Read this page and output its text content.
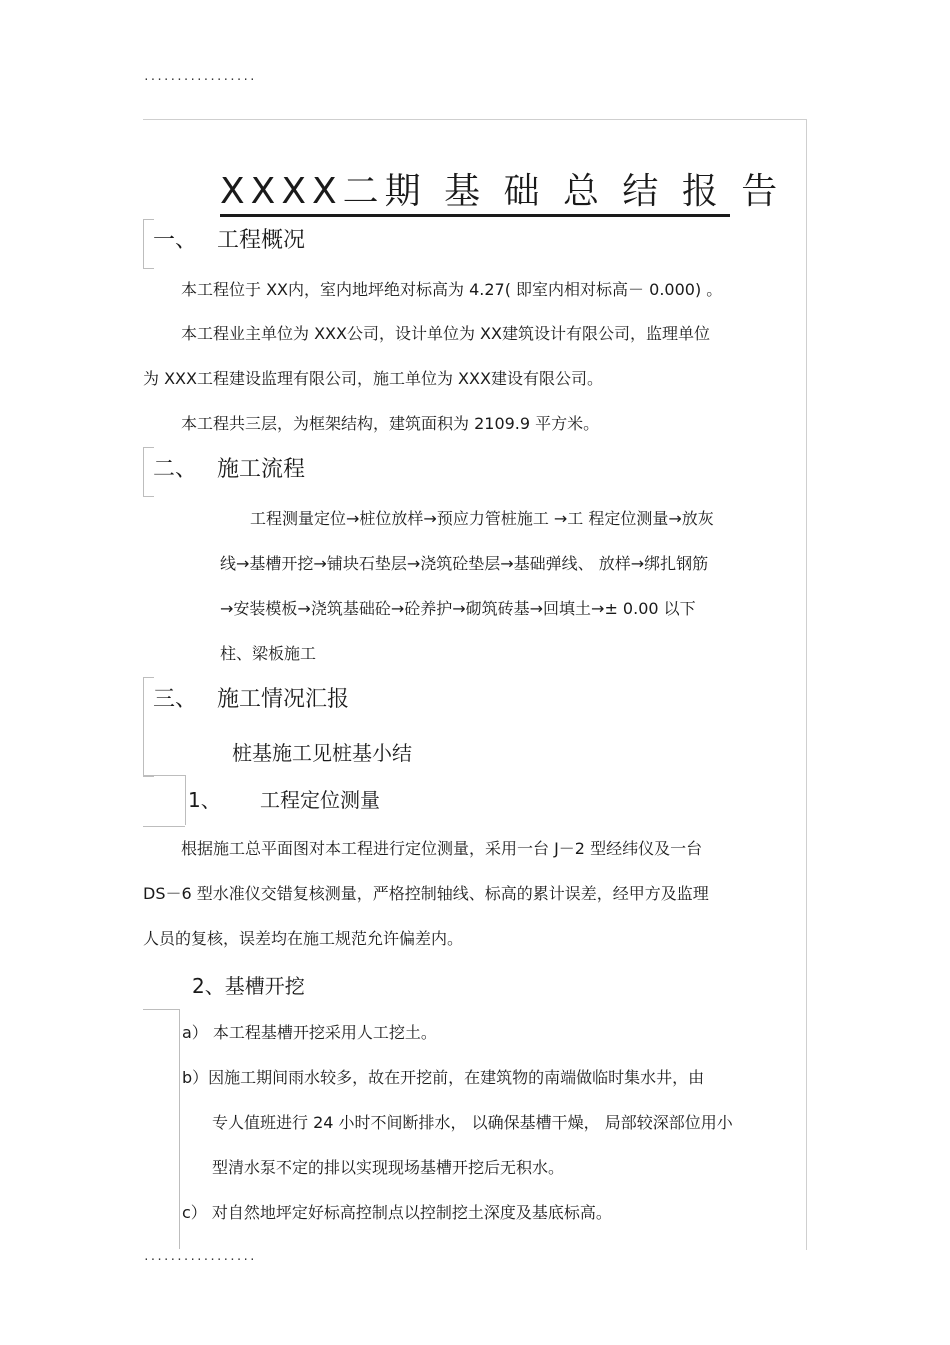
.................
XXXX二期 基 础 总 结 报 告
一、 工程概况
本工程位于 XX内，室内地坪绝对标高为 4.27( 即室内相对标高－ 0.000) 。
本工程业主单位为 XXX公司，设计单位为 XX建筑设计有限公司，监理单位
为 XXX工程建设监理有限公司，施工单位为 XXX建设有限公司。
本工程共三层，为框架结构，建筑面积为 2109.9 平方米。
二、 施工流程
工程测量定位→桩位放样→预应力管桩施工 →工 程定位测量→放灰
线→基槽开挖→铺块石垫层→浇筑砼垫层→基础弹线、 放样→绑扎钢筋
→安装模板→浇筑基础砼→砼养护→砌筑砖基→回填土→± 0.00 以下
柱、梁板施工
三、 施工情况汇报
桩基施工见桩基小结
1、 工程定位测量
根据施工总平面图对本工程进行定位测量，采用一台 J－2 型经纬仪及一台
DS－6 型水准仪交错复核测量，严格控制轴线、标高的累计误差，经甲方及监理
人员的复核，误差均在施工规范允许偏差内。
2、基槽开挖
a） 本工程基槽开挖采用人工挖土。
b）因施工期间雨水较多，故在开挖前，在建筑物的南端做临时集水井，由
专人值班进行 24 小时不间断排水， 以确保基槽干燥， 局部较深部位用小
型清水泵不定的排以实现现场基槽开挖后无积水。
c） 对自然地坪定好标高控制点以控制挖土深度及基底标高。
.................
